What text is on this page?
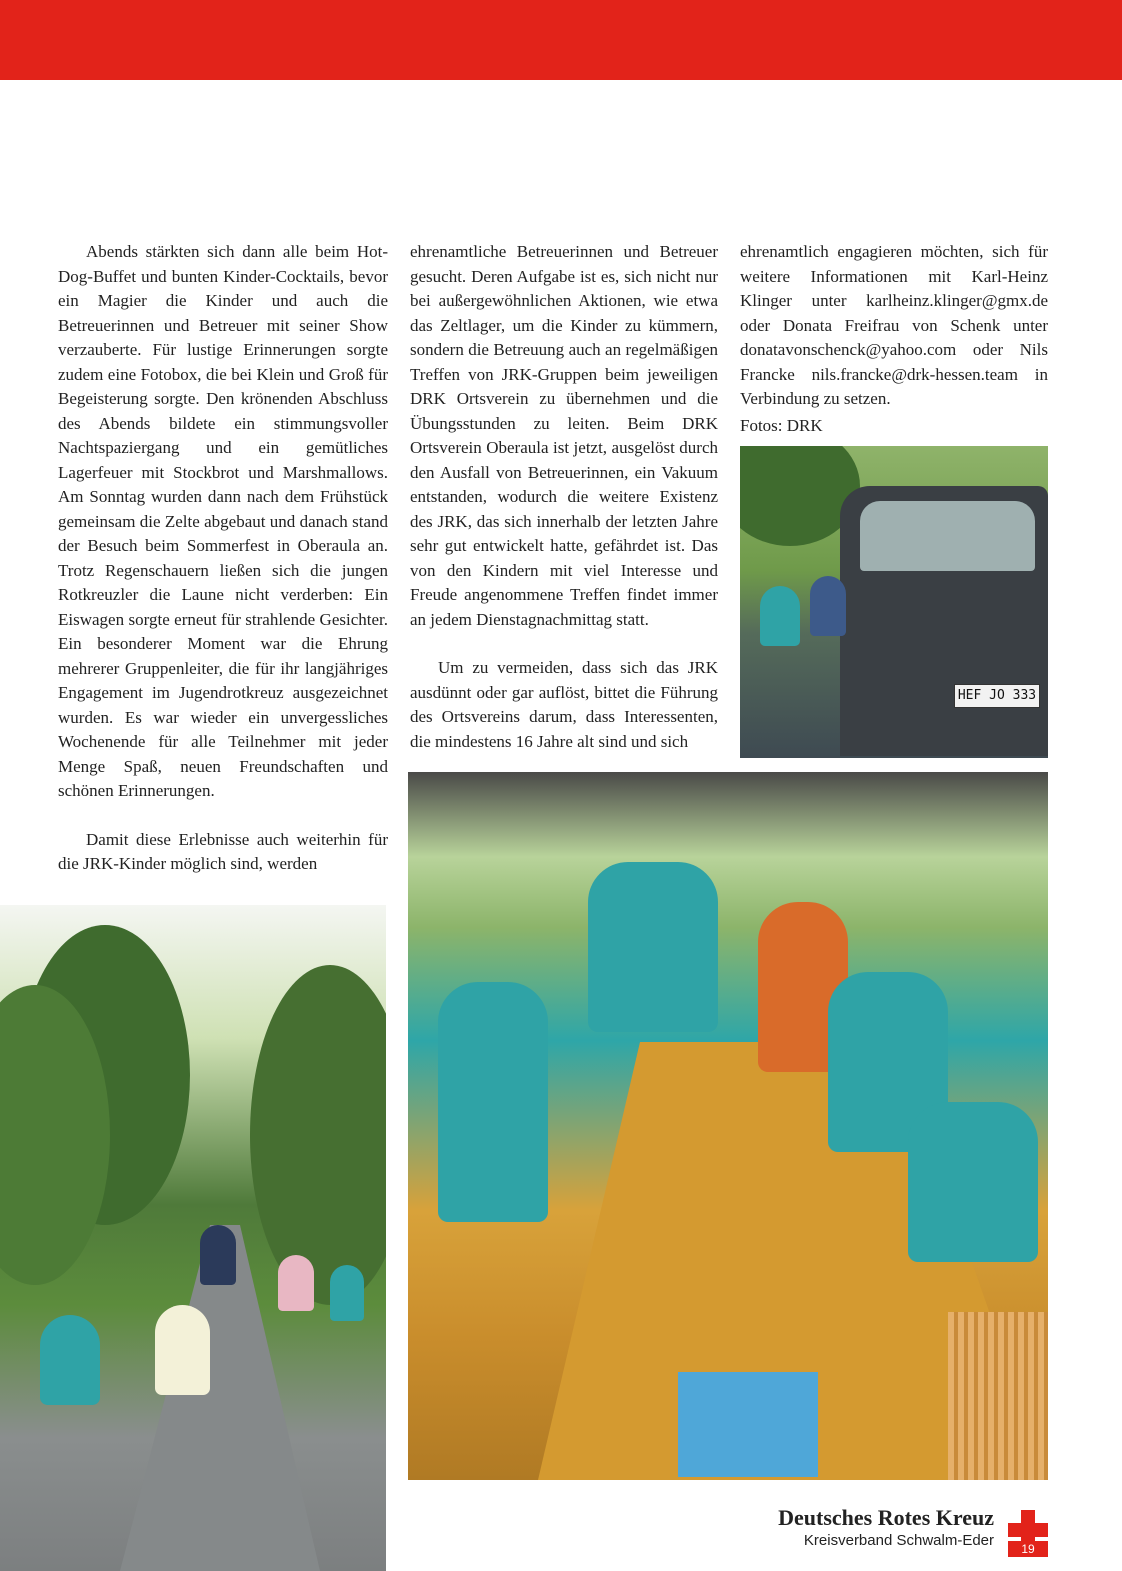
Abends stärkten sich dann alle beim Hot-Dog-Buffet und bunten Kinder-Cocktails, bevor ein Magier die Kinder und auch die Betreuerinnen und Betreuer mit seiner Show verzauberte. Für lustige Erinnerungen sorgte zudem eine Fotobox, die bei Klein und Groß für Begeisterung sorgte. Den krönenden Abschluss des Abends bildete ein stimmungsvoller Nachtspaziergang und ein gemütliches Lagerfeuer mit Stockbrot und Marshmallows. Am Sonntag wurden dann nach dem Frühstück gemeinsam die Zelte abgebaut und danach stand der Besuch beim Sommerfest in Oberaula an. Trotz Regenschauern ließen sich die jungen Rotkreuzler die Laune nicht verderben: Ein Eiswagen sorgte erneut für strahlende Gesichter. Ein besonderer Moment war die Ehrung mehrerer Gruppenleiter, die für ihr langjähriges Engagement im Jugendrotkreuz ausgezeichnet wurden. Es war wieder ein unvergessliches Wochenende für alle Teilnehmer mit jeder Menge Spaß, neuen Freundschaften und schönen Erinnerungen.

Damit diese Erlebnisse auch weiterhin für die JRK-Kinder möglich sind, werden

ehrenamtliche Betreuerinnen und Betreuer gesucht. Deren Aufgabe ist es, sich nicht nur bei außergewöhnlichen Aktionen, wie etwa das Zeltlager, um die Kinder zu kümmern, sondern die Betreuung auch an regelmäßigen Treffen von JRK-Gruppen beim jeweiligen DRK Ortsverein zu übernehmen und die Übungsstunden zu leiten. Beim DRK Ortsverein Oberaula ist jetzt, ausgelöst durch den Ausfall von Betreuerinnen, ein Vakuum entstanden, wodurch die weitere Existenz des JRK, das sich innerhalb der letzten Jahre sehr gut entwickelt hatte, gefährdet ist. Das von den Kindern mit viel Interesse und Freude angenommene Treffen findet immer an jedem Dienstagnachmittag statt.

Um zu vermeiden, dass sich das JRK ausdünnt oder gar auflöst, bittet die Führung des Ortsvereins darum, dass Interessenten, die mindestens 16 Jahre alt sind und sich

ehrenamtlich engagieren möchten, sich für weitere Informationen mit Karl-Heinz Klinger unter karlheinz.klinger@gmx.de oder Donata Freifrau von Schenk unter donatavonschenck@yahoo.com oder Nils Francke nils.francke@drk-hessen.team in Verbindung zu setzen.

Fotos: DRK

HEF JO 333
Deutsches Rotes Kreuz
Kreisverband Schwalm-Eder	19
